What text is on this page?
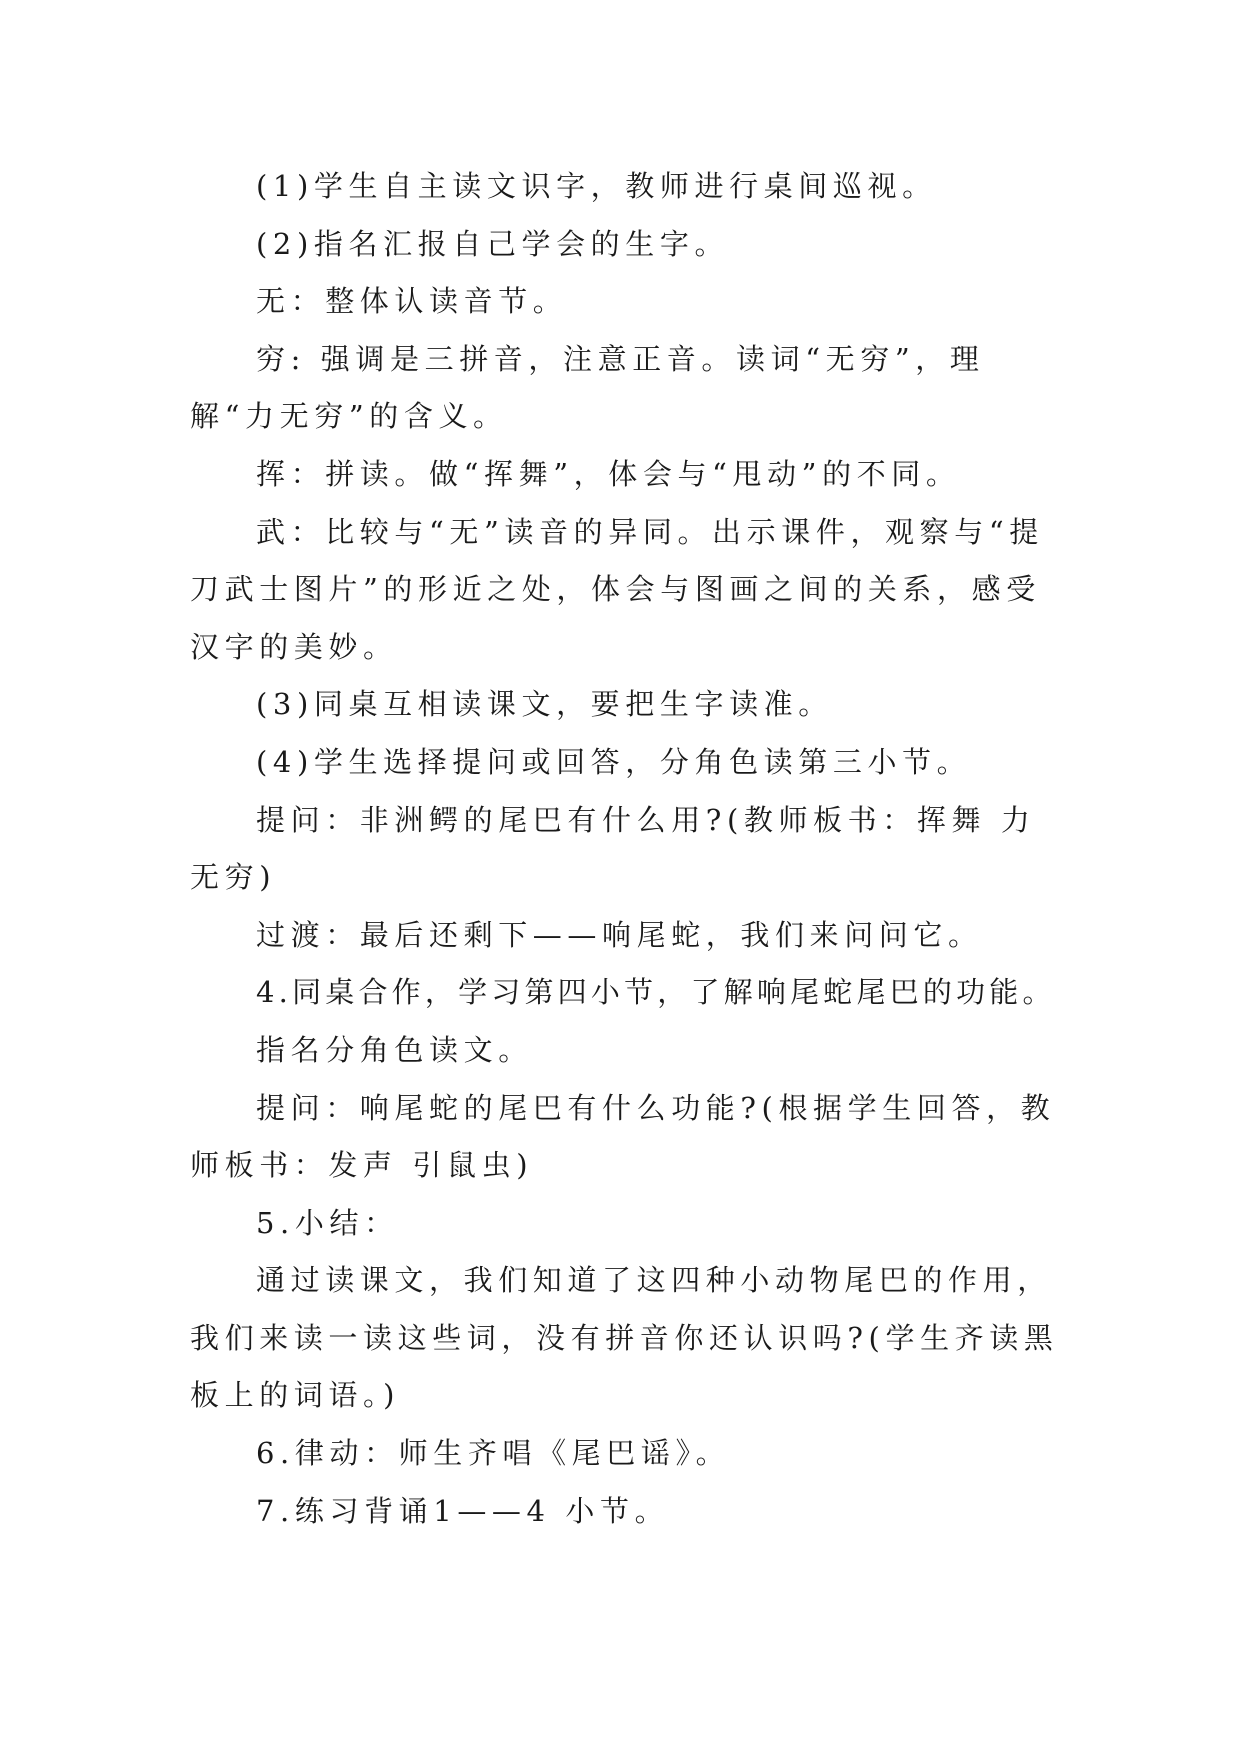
(1)学生自主读文识字，教师进行桌间巡视。

(2)指名汇报自己学会的生字。

无：整体认读音节。

穷: 强调是三拼音，注意正音。读词“无穷”，理解“力无穷”的含义。

挥：拼读。做“挥舞”，体会与“甩动”的不同。

武：比较与“无”读音的异同。出示课件，观察与“提刀武士图片”的形近之处，体会与图画之间的关系，感受汉字的美妙。

(3)同桌互相读课文，要把生字读准。

(4)学生选择提问或回答，分角色读第三小节。

提问：非洲鳄的尾巴有什么用?(教师板书：挥舞 力无穷)

过渡：最后还剩下——响尾蛇，我们来问问它。

4.同桌合作，学习第四小节，了解响尾蛇尾巴的功能。

指名分角色读文。

提问：响尾蛇的尾巴有什么功能?(根据学生回答，教师板书：发声 引鼠虫)

5.小结：

通过读课文，我们知道了这四种小动物尾巴的作用，我们来读一读这些词，没有拼音你还认识吗?(学生齐读黑板上的词语。)

6.律动：师生齐唱《尾巴谣》。

7.练习背诵1——4 小节。
